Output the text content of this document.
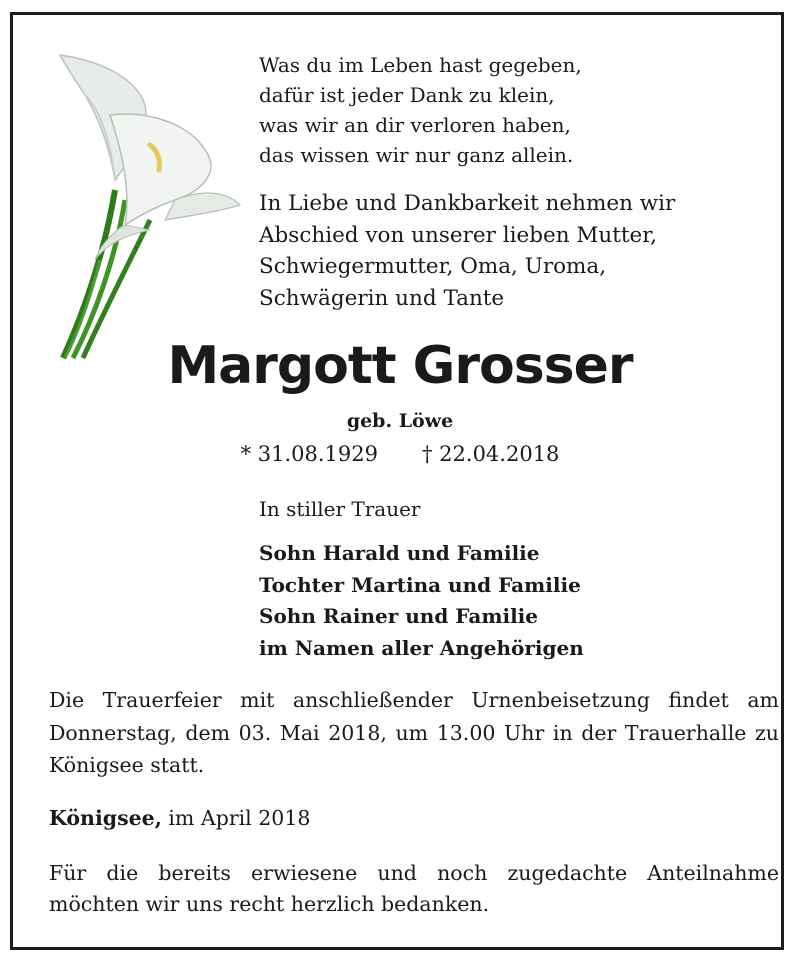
Was du im Leben hast gegeben,
dafür ist jeder Dank zu klein,
was wir an dir verloren haben,
das wissen wir nur ganz allein.
In Liebe und Dankbarkeit nehmen wir
Abschied von unserer lieben Mutter,
Schwiegermutter, Oma, Uroma,
Schwägerin und Tante
Margott Grosser

geb. Löwe

* 31.08.1929 † 22.04.2018

In stiller Trauer

Sohn Harald und Familie
Tochter Martina und Familie
Sohn Rainer und Familie
im Namen aller Angehörigen

Die Trauerfeier mit anschließender Urnenbeisetzung findet am Donnerstag, dem 03. Mai 2018, um 13.00 Uhr in der Trauerhalle zu Königsee statt.

Königsee, im April 2018

Für die bereits erwiesene und noch zugedachte Anteilnahme möchten wir uns recht herzlich bedanken.
